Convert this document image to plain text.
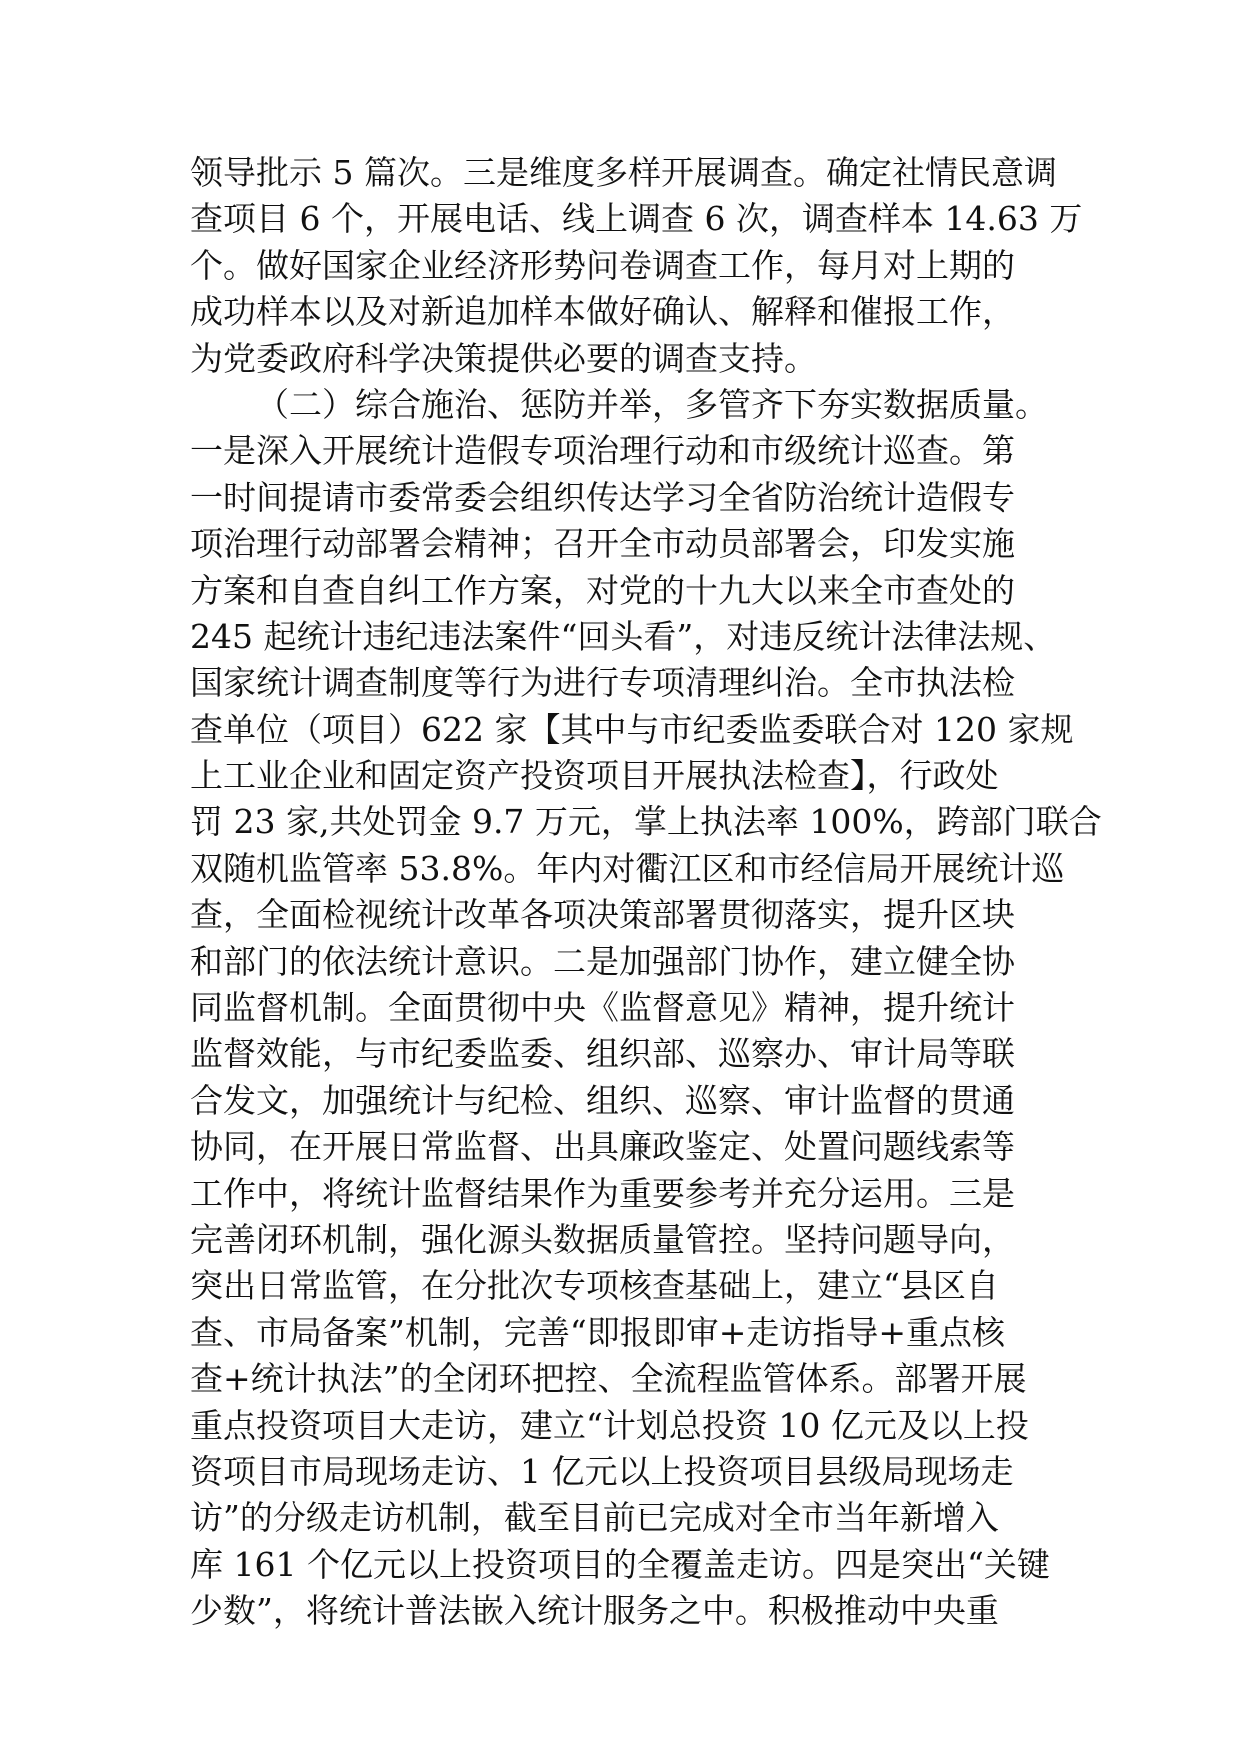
领导批示 5 篇次。三是维度多样开展调查。确定社情民意调
查项目 6 个，开展电话、线上调查 6 次，调查样本 14.63 万
个。做好国家企业经济形势问卷调查工作，每月对上期的
成功样本以及对新追加样本做好确认、解释和催报工作，
为党委政府科学决策提供必要的调查支持。
（二）综合施治、惩防并举，多管齐下夯实数据质量。
一是深入开展统计造假专项治理行动和市级统计巡查。第
一时间提请市委常委会组织传达学习全省防治统计造假专
项治理行动部署会精神；召开全市动员部署会，印发实施
方案和自查自纠工作方案，对党的十九大以来全市查处的
245 起统计违纪违法案件“回头看”，对违反统计法律法规、
国家统计调查制度等行为进行专项清理纠治。全市执法检
查单位（项目）622 家【其中与市纪委监委联合对 120 家规
上工业企业和固定资产投资项目开展执法检查】，行政处
罚 23 家,共处罚金 9.7 万元，掌上执法率 100%，跨部门联合
双随机监管率 53.8%。年内对衢江区和市经信局开展统计巡
查，全面检视统计改革各项决策部署贯彻落实，提升区块
和部门的依法统计意识。二是加强部门协作，建立健全协
同监督机制。全面贯彻中央《监督意见》精神，提升统计
监督效能，与市纪委监委、组织部、巡察办、审计局等联
合发文，加强统计与纪检、组织、巡察、审计监督的贯通
协同，在开展日常监督、出具廉政鉴定、处置问题线索等
工作中，将统计监督结果作为重要参考并充分运用。三是
完善闭环机制，强化源头数据质量管控。坚持问题导向，
突出日常监管，在分批次专项核查基础上，建立“县区自
查、市局备案”机制，完善“即报即审+走访指导+重点核
查+统计执法”的全闭环把控、全流程监管体系。部署开展
重点投资项目大走访，建立“计划总投资 10 亿元及以上投
资项目市局现场走访、1 亿元以上投资项目县级局现场走
访”的分级走访机制，截至目前已完成对全市当年新增入
库 161 个亿元以上投资项目的全覆盖走访。四是突出“关键
少数”，将统计普法嵌入统计服务之中。积极推动中央重
